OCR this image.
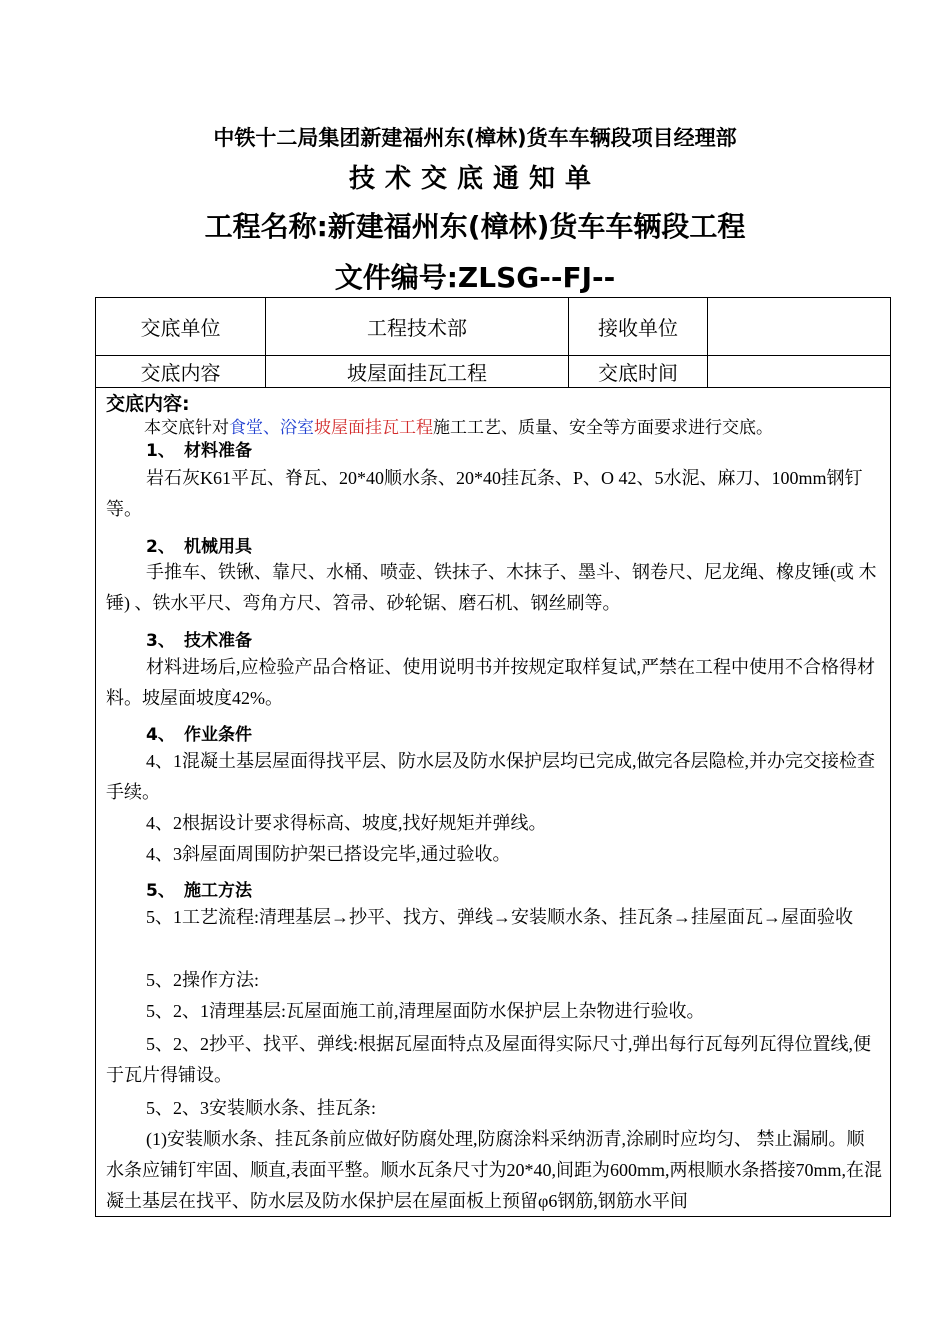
中铁十二局集团新建福州东(樟林)货车车辆段项目经理部
技术交底通知单
工程名称:新建福州东(樟林)货车车辆段工程
文件编号:ZLSG--FJ--
交底单位	工程技术部	接收单位
交底内容	坡屋面挂瓦工程	交底时间
交底内容:
本交底针对食堂、浴室坡屋面挂瓦工程施工工艺、质量、安全等方面要求进行交底。
1、 材料准备
岩石灰K61平瓦、脊瓦、20*40顺水条、20*40挂瓦条、P、O 42、5水泥、麻刀、100mm钢钉等。
2、 机械用具
手推车、铁锹、靠尺、水桶、喷壶、铁抹子、木抹子、墨斗、钢卷尺、尼龙绳、橡皮锤(或 木锤) 、铁水平尺、弯角方尺、笤帚、砂轮锯、磨石机、钢丝刷等。
3、 技术准备
材料进场后,应检验产品合格证、使用说明书并按规定取样复试,严禁在工程中使用不合格得材料。坡屋面坡度42%。
4、 作业条件
4、1混凝土基层屋面得找平层、防水层及防水保护层均已完成,做完各层隐检,并办完交接检查手续。
4、2根据设计要求得标高、坡度,找好规矩并弹线。
4、3斜屋面周围防护架已搭设完毕,通过验收。
5、 施工方法
5、1工艺流程:清理基层→抄平、找方、弹线→安装顺水条、挂瓦条→挂屋面瓦→屋面验收
5、2操作方法:
5、2、1清理基层:瓦屋面施工前,清理屋面防水保护层上杂物进行验收。
5、2、2抄平、找平、弹线:根据瓦屋面特点及屋面得实际尺寸,弹出每行瓦每列瓦得位置线,便于瓦片得铺设。
5、2、3安装顺水条、挂瓦条:
(1)安装顺水条、挂瓦条前应做好防腐处理,防腐涂料采纳沥青,涂刷时应均匀、 禁止漏刷。顺水条应铺钉牢固、顺直,表面平整。顺水瓦条尺寸为20*40,间距为600mm,两根顺水条搭接70mm,在混凝土基层在找平、防水层及防水保护层在屋面板上预留φ6钢筋,钢筋水平间
